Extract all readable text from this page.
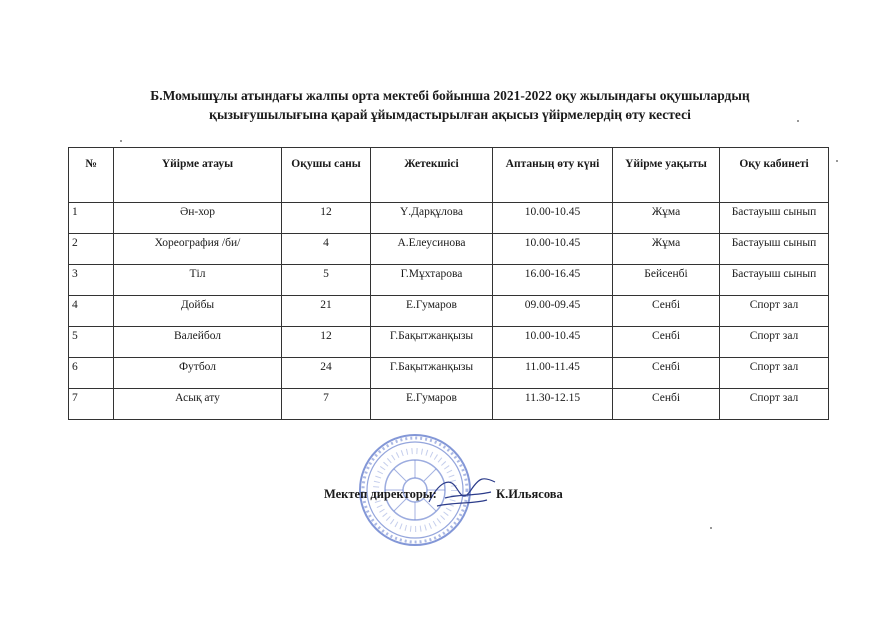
Б.Момышұлы атындағы жалпы орта мектебі бойынша 2021-2022 оқу жылындағы оқушылардың
қызығушылығына қарай ұйымдастырылған ақысыз үйірмелердің өту кестесі
№	Үйірме атауы	Оқушы саны	Жетекшісі	Аптаның өту күні	Үйірме уақыты	Оқу кабинеті
1	Ән-хор	12	Ү.Дарқұлова	10.00-10.45	Жұма	Бастауыш сынып
2	Хореография /би/	4	А.Елеусинова	10.00-10.45	Жұма	Бастауыш сынып
3	Тіл	5	Г.Мұхтарова	16.00-16.45	Бейсенбі	Бастауыш сынып
4	Дойбы	21	Е.Гумаров	09.00-09.45	Сенбі	Спорт зал
5	Валейбол	12	Г.Бақытжанқызы	10.00-10.45	Сенбі	Спорт зал
6	Футбол	24	Г.Бақытжанқызы	11.00-11.45	Сенбі	Спорт зал
7	Асық ату	7	Е.Гумаров	11.30-12.15	Сенбі	Спорт зал
Мектеп директоры:	К.Ильясова
